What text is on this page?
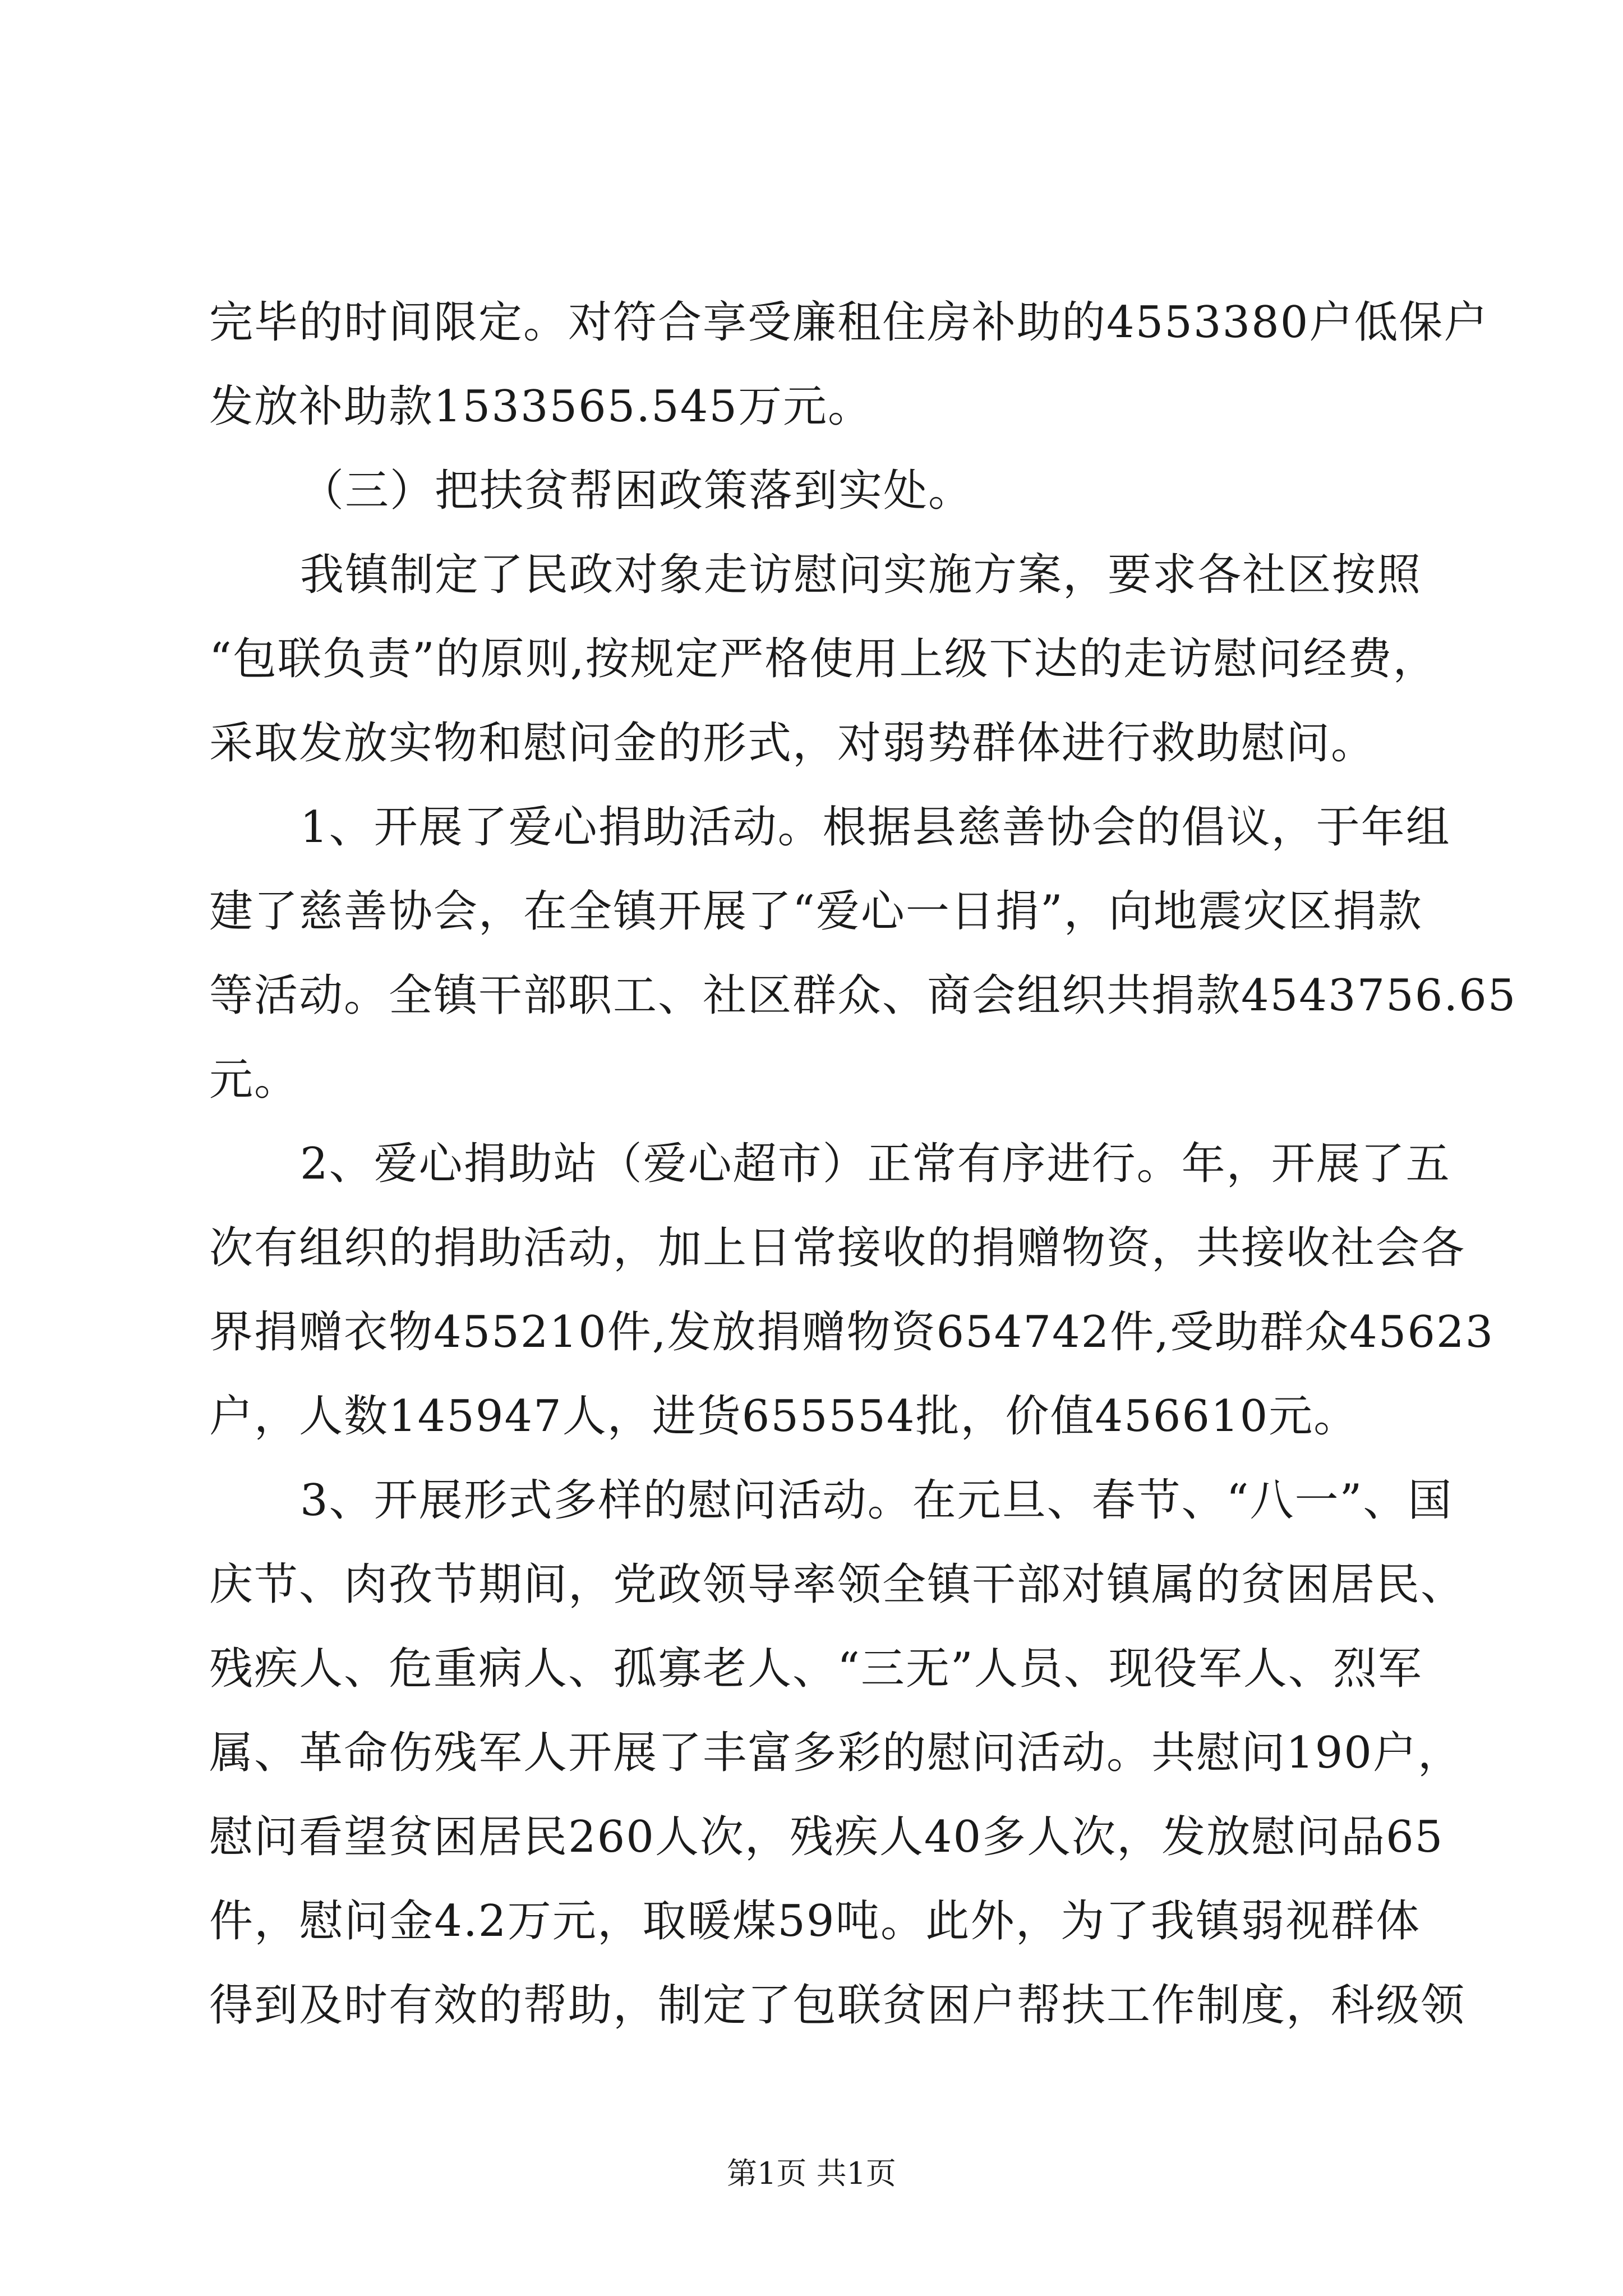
完毕的时间限定。对符合享受廉租住房补助的4553380户低保户
发放补助款1533565.545万元。
（三）把扶贫帮困政策落到实处。
我镇制定了民政对象走访慰问实施方案，要求各社区按照
“包联负责”的原则,按规定严格使用上级下达的走访慰问经费，
采取发放实物和慰问金的形式，对弱势群体进行救助慰问。
1、开展了爱心捐助活动。根据县慈善协会的倡议，于年组
建了慈善协会，在全镇开展了“爱心一日捐”，向地震灾区捐款
等活动。全镇干部职工、社区群众、商会组织共捐款4543756.65
元。
2、爱心捐助站（爱心超市）正常有序进行。年，开展了五
次有组织的捐助活动，加上日常接收的捐赠物资，共接收社会各
界捐赠衣物455210件,发放捐赠物资654742件,受助群众45623
户，人数145947人，进货655554批，价值456610元。
3、开展形式多样的慰问活动。在元旦、春节、“八一”、国
庆节、肉孜节期间，党政领导率领全镇干部对镇属的贫困居民、
残疾人、危重病人、孤寡老人、“三无”人员、现役军人、烈军
属、革命伤残军人开展了丰富多彩的慰问活动。共慰问190户，
慰问看望贫困居民260人次，残疾人40多人次，发放慰问品65
件，慰问金4.2万元，取暖煤59吨。此外，为了我镇弱视群体
得到及时有效的帮助，制定了包联贫困户帮扶工作制度，科级领
第1页 共1页
